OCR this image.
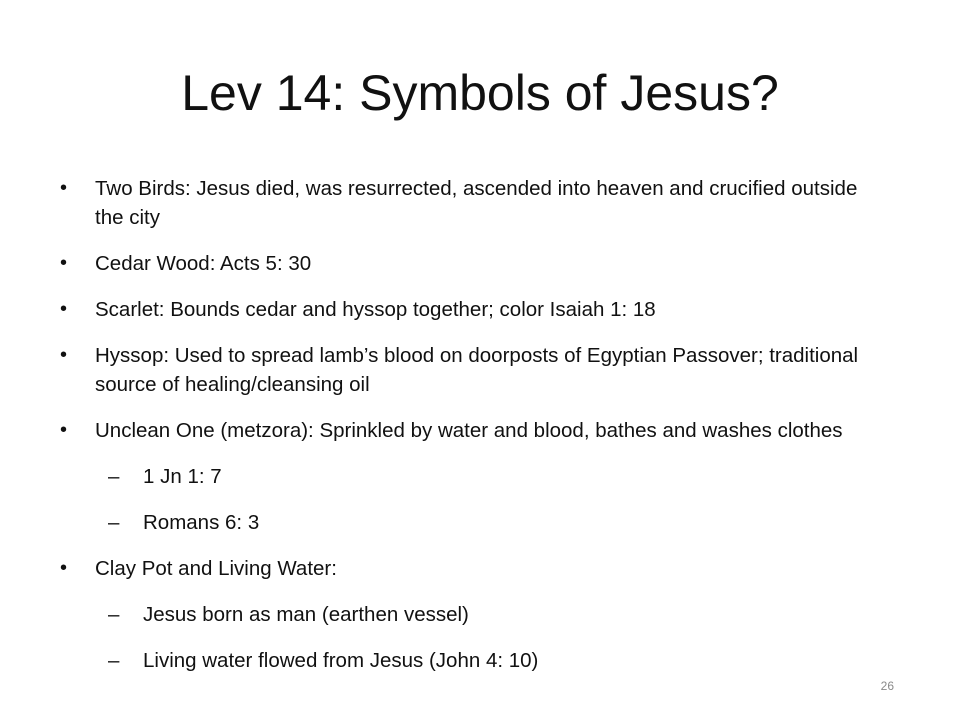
Lev 14: Symbols of Jesus?
• Two Birds: Jesus died, was resurrected, ascended into heaven and crucified outside the city
• Cedar Wood: Acts 5: 30
• Scarlet: Bounds cedar and hyssop together; color Isaiah 1: 18
• Hyssop: Used to spread lamb’s blood on doorposts of Egyptian Passover; traditional source of healing/cleansing oil
• Unclean One (metzora): Sprinkled by water and blood, bathes and washes clothes
– 1 Jn 1: 7
– Romans 6: 3
• Clay Pot and Living Water:
– Jesus born as man (earthen vessel)
– Living water flowed from Jesus (John 4: 10)
26
